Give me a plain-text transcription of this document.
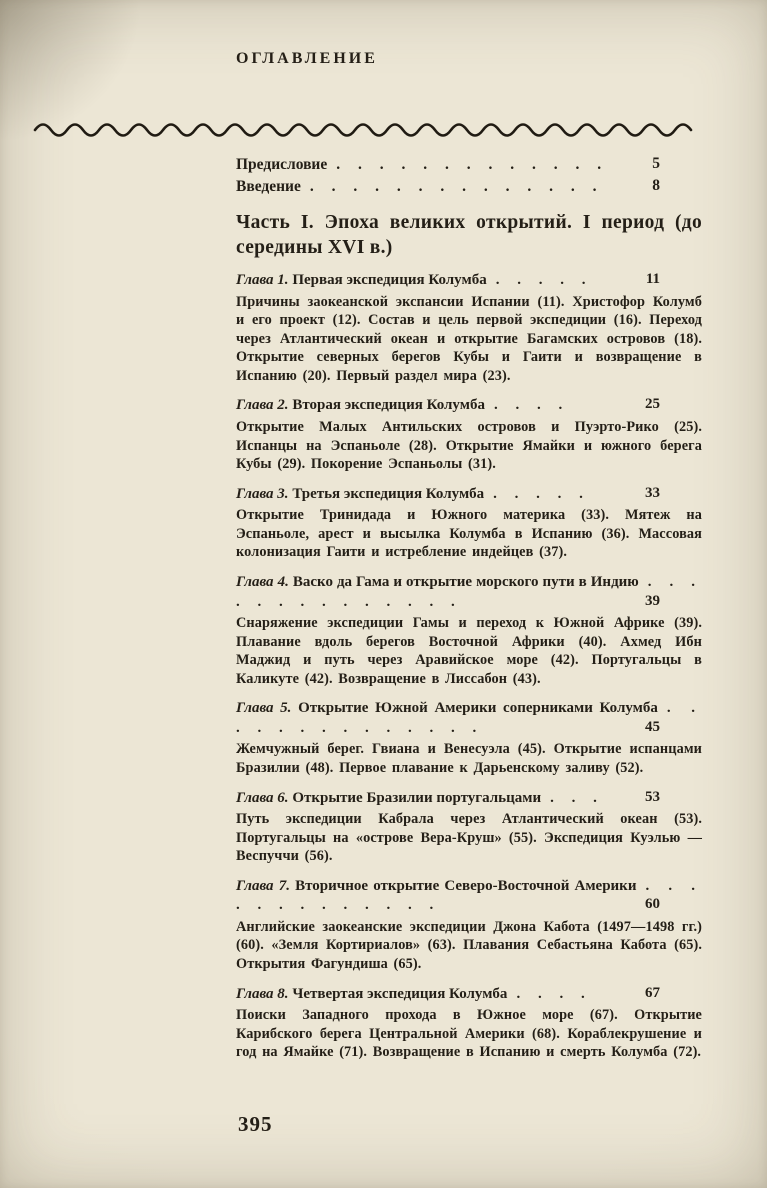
ОГЛАВЛЕНИЕ

Предисловие . . . . . . . . . . . . .	5

Введение . . . . . . . . . . . . . .	8

Часть I. Эпоха великих открытий. I период (до середины XVI в.)

Глава 1. Первая экспедиция Колумба . . . . .	11

Причины заокеанской экспансии Испании (11). Христофор Колумб и его проект (12). Состав и цель первой экспедиции (16). Переход через Атлантический океан и открытие Багамских островов (18). Открытие северных берегов Кубы и Гаити и возвращение в Испанию (20). Первый раздел мира (23).

Глава 2. Вторая экспедиция Колумба . . . .	25

Открытие Малых Антильских островов и Пуэрто-Рико (25). Испанцы на Эспаньоле (28). Открытие Ямайки и южного берега Кубы (29). Покорение Эспаньолы (31).

Глава 3. Третья экспедиция Колумба . . . . .	33

Открытие Тринидада и Южного материка (33). Мятеж на Эспаньоле, арест и высылка Колумба в Испанию (36). Массовая колонизация Гаити и истребление индейцев (37).

Глава 4. Васко да Гама и открытие морского пути в Индию . . . . . . . . . . . . . .	39

Снаряжение экспедиции Гамы и переход к Южной Африке (39). Плавание вдоль берегов Восточной Африки (40). Ахмед Ибн Маджид и путь через Аравийское море (42). Португальцы в Каликуте (42). Возвращение в Лиссабон (43).

Глава 5. Открытие Южной Америки соперниками Колумба . . . . . . . . . . . . . .	45

Жемчужный берег. Гвиана и Венесуэла (45). Открытие испанцами Бразилии (48). Первое плавание к Дарьенскому заливу (52).

Глава 6. Открытие Бразилии португальцами . . .	53

Путь экспедиции Кабрала через Атлантический океан (53). Португальцы на «острове Вера-Круш» (55). Экспедиция Куэлью — Веспуччи (56).

Глава 7. Вторичное открытие Северо-Восточной Америки . . . . . . . . . . . . .	60

Английские заокеанские экспедиции Джона Кабота (1497—1498 гг.) (60). «Земля Кортириалов» (63). Плавания Себастьяна Кабота (65). Открытия Фагундиша (65).

Глава 8. Четвертая экспедиция Колумба . . . .	67

Поиски Западного прохода в Южное море (67). Открытие Карибского берега Центральной Америки (68). Кораблекрушение и год на Ямайке (71). Возвращение в Испанию и смерть Колумба (72).

395
